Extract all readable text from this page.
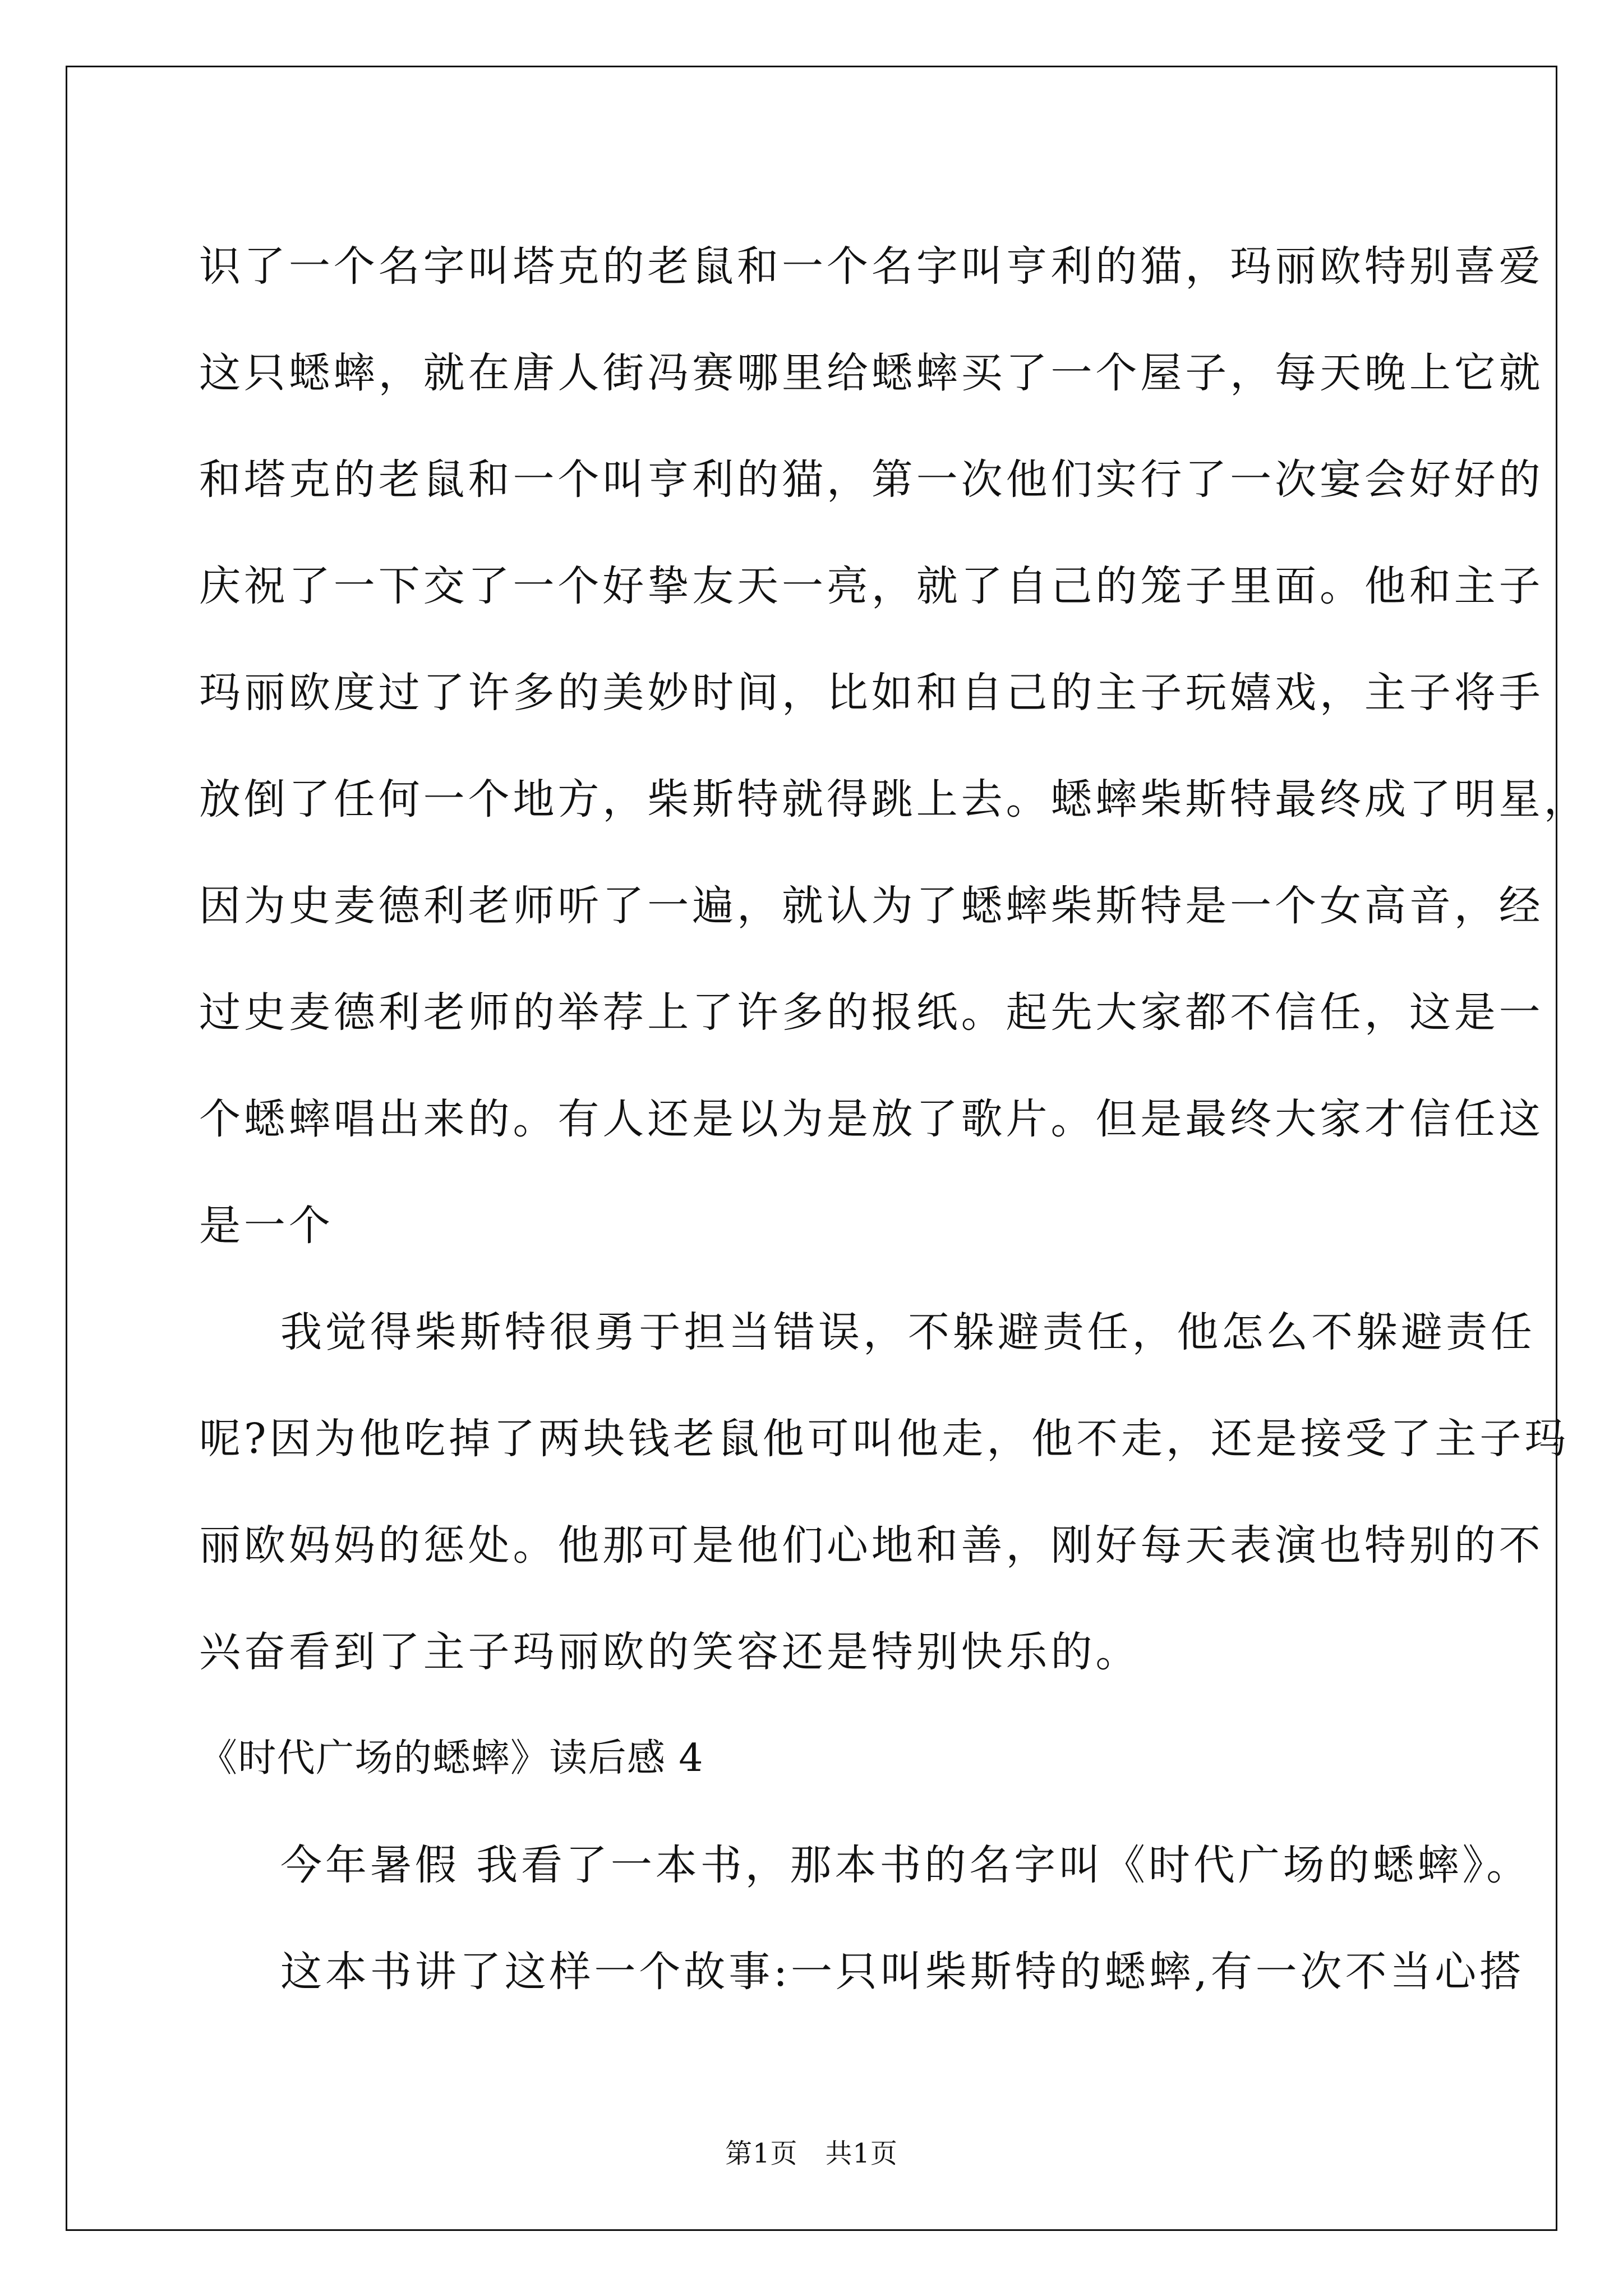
识了一个名字叫塔克的老鼠和一个名字叫亨利的猫，玛丽欧特别喜爱
这只蟋蟀，就在唐人街冯赛哪里给蟋蟀买了一个屋子，每天晚上它就
和塔克的老鼠和一个叫亨利的猫，第一次他们实行了一次宴会好好的
庆祝了一下交了一个好挚友天一亮，就了自己的笼子里面。他和主子
玛丽欧度过了许多的美妙时间，比如和自己的主子玩嬉戏，主子将手
放倒了任何一个地方，柴斯特就得跳上去。蟋蟀柴斯特最终成了明星，
因为史麦德利老师听了一遍，就认为了蟋蟀柴斯特是一个女高音，经
过史麦德利老师的举荐上了许多的报纸。起先大家都不信任，这是一
个蟋蟀唱出来的。有人还是以为是放了歌片。但是最终大家才信任这
是一个
我觉得柴斯特很勇于担当错误，不躲避责任，他怎么不躲避责任
呢?因为他吃掉了两块钱老鼠他可叫他走，他不走，还是接受了主子玛
丽欧妈妈的惩处。他那可是他们心地和善，刚好每天表演也特别的不
兴奋看到了主子玛丽欧的笑容还是特别快乐的。
《时代广场的蟋蟀》读后感 4
今年暑假 我看了一本书，那本书的名字叫《时代广场的蟋蟀》。
这本书讲了这样一个故事:一只叫柴斯特的蟋蟀,有一次不当心搭
第1页　共1页
